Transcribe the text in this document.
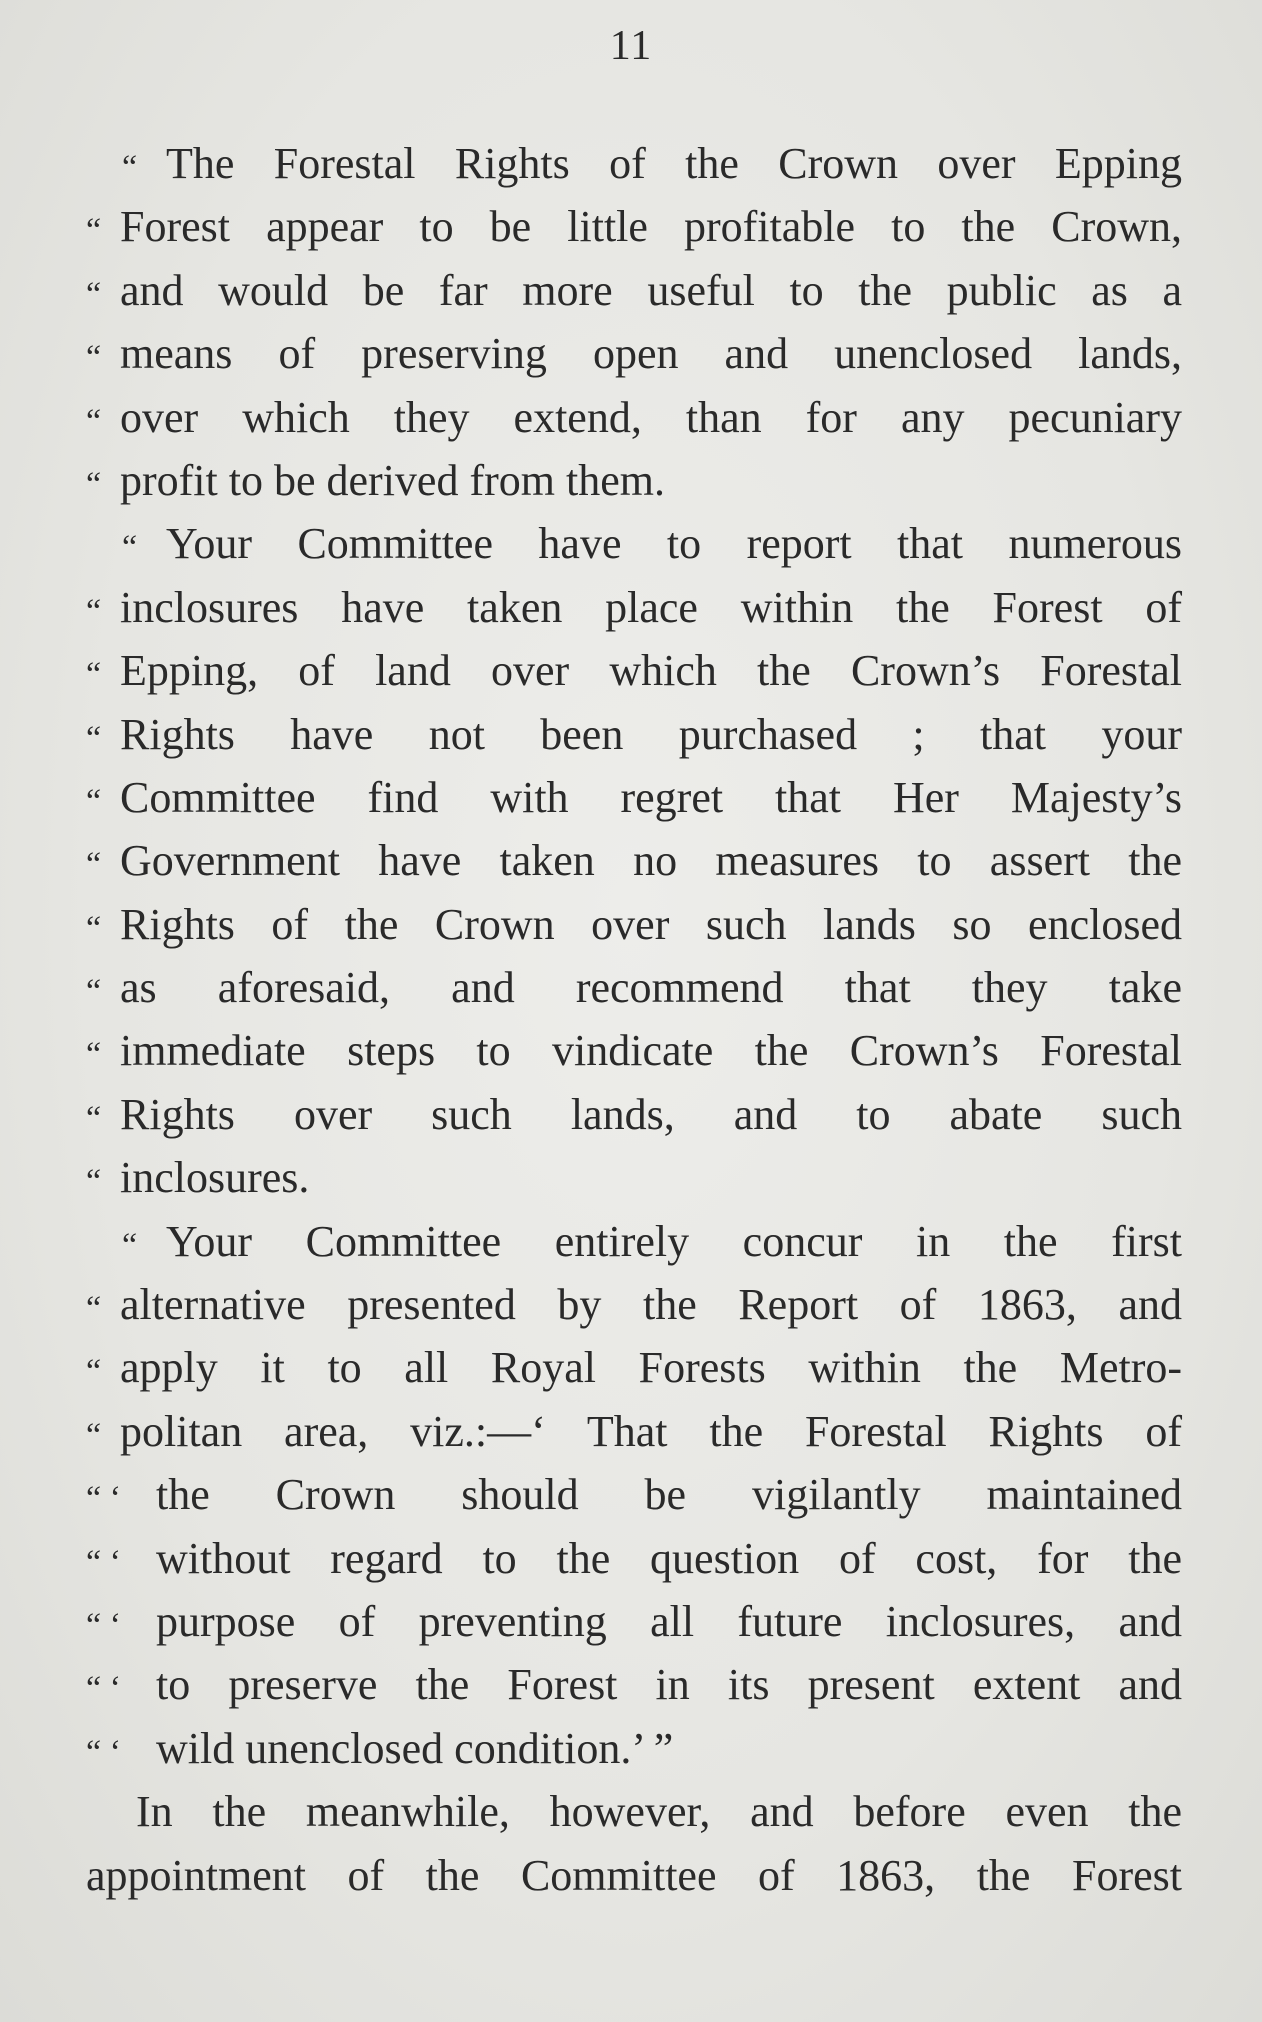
11
“ The Forestal Rights of the Crown over Epping
“ Forest appear to be little profitable to the Crown,
“ and would be far more useful to the public as a
“ means of preserving open and unenclosed lands,
“ over which they extend, than for any pecuniary
“ profit to be derived from them.
“ Your Committee have to report that numerous
“ inclosures have taken place within the Forest of
“ Epping, of land over which the Crown’s Forestal
“ Rights have not been purchased ; that your
“ Committee find with regret that Her Majesty’s
“ Government have taken no measures to assert the
“ Rights of the Crown over such lands so enclosed
“ as aforesaid, and recommend that they take
“ immediate steps to vindicate the Crown’s Forestal
“ Rights over such lands, and to abate such
“ inclosures.
“ Your Committee entirely concur in the first
“ alternative presented by the Report of 1863, and
“ apply it to all Royal Forests within the Metro-
“ politan area, viz.:—‘ That the Forestal Rights of
“ ‘ the Crown should be vigilantly maintained
“ ‘ without regard to the question of cost, for the
“ ‘ purpose of preventing all future inclosures, and
“ ‘ to preserve the Forest in its present extent and
“ ‘ wild unenclosed condition.’ ”
In the meanwhile, however, and before even the
appointment of the Committee of 1863, the Forest
